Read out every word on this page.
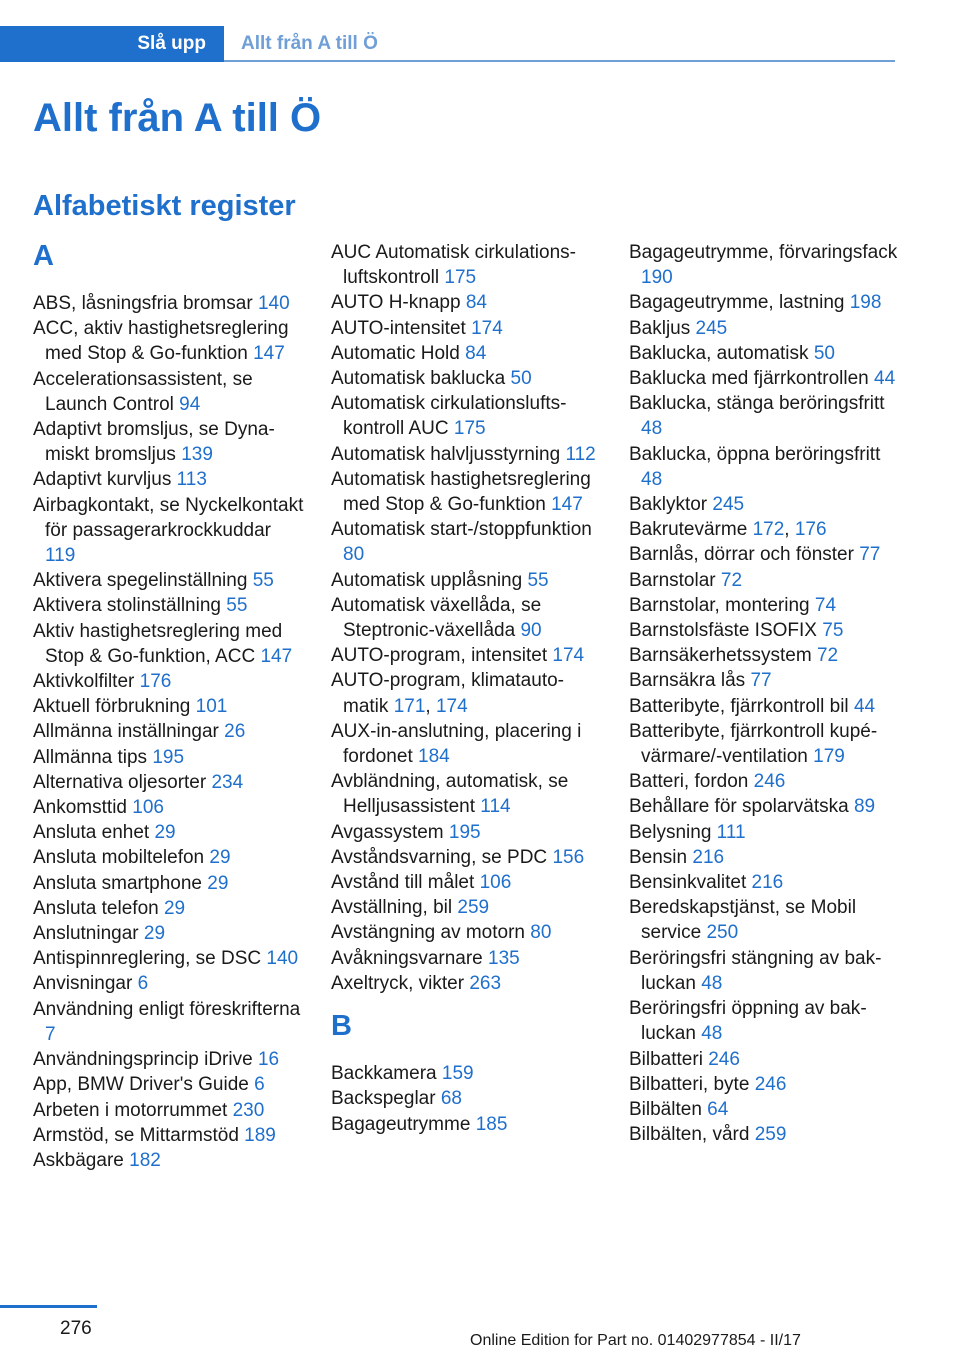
Slå upp	Allt från A till Ö
Allt från A till Ö
Alfabetiskt register
A

ABS, låsningsfria bromsar 140

ACC, aktiv hastighetsreglering med Stop & Go-funktion 147

Accelerationsassistent, se Launch Control 94

Adaptivt bromsljus, se Dynamiskt bromsljus 139

Adaptivt kurvljus 113

Airbagkontakt, se Nyckelkontakt för passagerarkrockkuddar 119

Aktivera spegelinställning 55

Aktivera stolinställning 55

Aktiv hastighetsreglering med Stop & Go-funktion, ACC 147

Aktivkolfilter 176

Aktuell förbrukning 101

Allmänna inställningar 26

Allmänna tips 195

Alternativa oljesorter 234

Ankomsttid 106

Ansluta enhet 29

Ansluta mobiltelefon 29

Ansluta smartphone 29

Ansluta telefon 29

Anslutningar 29

Antispinnreglering, se DSC 140

Anvisningar 6

Användning enligt föreskrifterna 7

Användningsprincip iDrive 16

App, BMW Driver's Guide 6

Arbeten i motorrummet 230

Armstöd, se Mittarmstöd 189

Askbägare 182

AUC Automatisk cirkulationsluftskontroll 175

AUTO H-knapp 84

AUTO-intensitet 174

Automatic Hold 84

Automatisk baklucka 50

Automatisk cirkulationsluftskontroll AUC 175

Automatisk halvljusstyrning 112

Automatisk hastighetsreglering med Stop & Go-funktion 147

Automatisk start-/stoppfunktion 80

Automatisk upplåsning 55

Automatisk växellåda, se Steptronic-växellåda 90

AUTO-program, intensitet 174

AUTO-program, klimatautomatik 171, 174

AUX-in-anslutning, placering i fordonet 184

Avbländning, automatisk, se Helljusassistent 114

Avgassystem 195

Avståndsvarning, se PDC 156

Avstånd till målet 106

Avställning, bil 259

Avstängning av motorn 80

Avåkningsvarnare 135

Axeltryck, vikter 263

B

Backkamera 159

Backspeglar 68

Bagageutrymme 185

Bagageutrymme, förvaringsfack 190

Bagageutrymme, lastning 198

Bakljus 245

Baklucka, automatisk 50

Baklucka med fjärrkontrollen 44

Baklucka, stänga beröringsfritt 48

Baklucka, öppna beröringsfritt 48

Baklyktor 245

Bakrutevärme 172, 176

Barnlås, dörrar och fönster 77

Barnstolar 72

Barnstolar, montering 74

Barnstolsfäste ISOFIX 75

Barnsäkerhetssystem 72

Barnsäkra lås 77

Batteribyte, fjärrkontroll bil 44

Batteribyte, fjärrkontroll kupévärmare/-ventilation 179

Batteri, fordon 246

Behållare för spolarvätska 89

Belysning 111

Bensin 216

Bensinkvalitet 216

Beredskapstjänst, se Mobil service 250

Beröringsfri stängning av bakluckan 48

Beröringsfri öppning av bakluckan 48

Bilbatteri 246

Bilbatteri, byte 246

Bilbälten 64

Bilbälten, vård 259

276
Online Edition for Part no. 01402977854 - II/17
